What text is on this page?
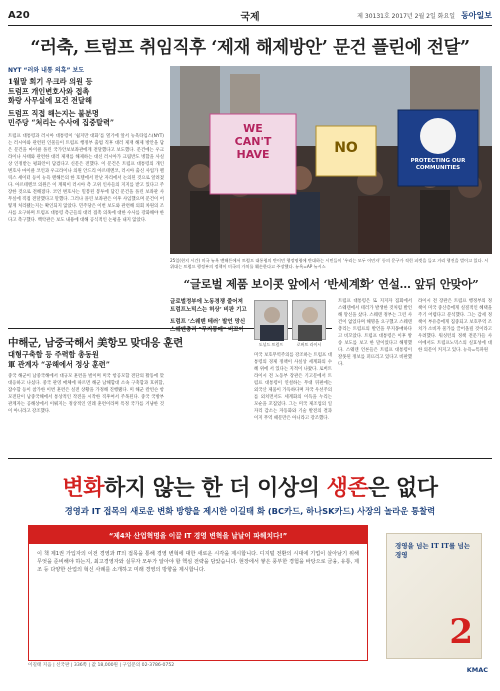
A20	국제	제 30131호 2017년 2월 2일 화요일 동아일보
“러축, 트럼프 취임직후 ‘제재 해제방안’ 문건 플린에 전달”
NYT “러와 내통 의혹” 보도
1월말 회기 우크라 의원 등
트럼프 개인변호사와 접촉
화랑 사무실에 묘건 전달해
트럼프 직접 해는지는 불분명
민주당 “처리는 수사에 집중탈력”
트럼프 대통령과 러시아 대통령이 ‘쉽지만 대화’를 열기에 앞서 뉴욕타임스(NYT)는 러시아와 관련된 인물들이 트럼프 행정부 출범 직후 대러 제재 해제 방안을 담은 문건을 마이클 플린 국가안보보좌관에게 전달했다고 보도했다. 문건에는 우크라이나 사태와 관련한 대러 제재를 해제하는 대신 러시아가 크림반도 병합을 사실상 인정받는 평화안이 담겼다고 신문은 전했다. 이 문건은 트럼프 대통령의 개인 변호사 마이클 코언과 우크라이나 의원 안드리 아르테멘코, 러시아 출신 사업가 펠릭스 세이터 등이 뉴욕 맨해튼의 한 호텔에서 만난 자리에서 논의된 것으로 알려졌다. 아르테멘코 의원은 이 계획이 러시아 측 고위 인사들의 지지를 받고 있다고 주장한 것으로 전해졌다. 코언 변호사는 밀봉된 봉투에 담긴 문건을 플린 보좌관 사무실에 직접 전달했다고 말했다. 그러나 플린 보좌관은 이후 사임했으며 문건이 어떻게 처리됐는지는 확인되지 않았다. 민주당은 이번 보도와 관련해 의회 차원의 조사를 요구하며 트럼프 대통령 측근들의 대러 접촉 의혹에 대한 수사를 강화해야 한다고 촉구했다. 백악관은 보도 내용에 대해 공식적인 논평을 내지 않았다.
中해군, 남중국해서 美항모 맞대응 훈련
대형구축함 등 주력함 총동원
軍 관계자 “공해에서 정상 훈련”
중국 해군이 남중국해에서 대규모 훈련을 벌이며 미국 항공모함 전단의 활동에 맞대응하고 나섰다. 중국 관영 매체에 따르면 해군 남해함대 소속 구축함과 호위함, 잠수함 등이 참가한 이번 훈련은 실전 상황을 가정해 진행됐다. 미 해군 칼빈슨 항모전단이 남중국해에서 통상적인 작전을 시작한 직후여서 주목된다. 중국 국방부 관계자는 공해상에서 이뤄지는 정상적인 연례 훈련이라며 특정 국가를 겨냥한 것이 아니라고 강조했다.
WE
CAN'T
HAVE	NO
PROTECTING OUR COMMUNITIES
25일(현지 시간) 미국 뉴욕 맨해튼에서 트럼프 대통령의 반이민 행정명령에 반대하는 시민들이 ‘우리는 모두 이민자’ 등의 문구가 적힌 피켓을 들고 거리 행진을 벌이고 있다. 시위대는 트럼프 행정부의 정책이 미국의 가치를 훼손한다고 주장했다. 뉴욕=AP 뉴시스
“글로벌 제품 보이콧 앞에서 ‘반세계화’ 연설… 앞뒤 안맞아”
글로벌정부에 노동경쟁 줄어져
트럼프노믹스는 허상’ 비판 기고
트럼프 ‘스웨덴 테러’ 발언 망신
스웨덴총리 “무지몽매” 비꼬아
도널드 트럼프	로버트 라이시
미국 보호무역주의를 강조하는 트럼프 대통령의 경제 정책이 사실상 세계화의 수혜 위에 서 있다는 지적이 나왔다. 로버트 라이시 전 노동부 장관은 기고문에서 트럼프 대통령이 연설하는 무대 뒤편에는 외국산 제품이 가득하다며 자국 우선주의를 외치면서도 세계화의 이득을 누리는 모순을 꼬집었다. 그는 미국 제조업의 일자리 감소는 자동화와 기술 발전의 결과이지 무역 때문만은 아니라고 강조했다.
트럼프 대통령은 또 지지자 집회에서 스웨덴에서 테러가 발생한 것처럼 발언해 망신을 샀다. 스웨덴 정부는 그런 사건이 없었다며 해명을 요구했고 스웨덴 총리는 트럼프의 발언을 무지몽매하다고 비꼬았다. 트럼프 대통령은 이후 방송 보도를 보고 한 말이었다고 해명했다. 스웨덴 언론들은 트럼프 대통령이 잘못된 정보를 퍼뜨리고 있다고 비판했다.
라이시 전 장관은 트럼프 행정부의 정책이 미국 중산층에게 실질적인 혜택을 주기 어렵다고 분석했다. 그는 감세 정책이 부유층에게 집중되고 보호무역 조치가 소비자 물가를 끌어올릴 것이라고 우려했다. 워싱턴의 정책 전문가들 사이에서도 트럼프노믹스의 실효성에 대한 의문이 커지고 있다. 뉴욕=특파원
변화하지 않는 한 더 이상의 생존은 없다
경영과 IT 접목의 새로운 변화 방향을 제시한 이길태 화 (BC카드, 하나SK카드) 사장의 놀라운 통찰력
“제4차 산업혁명을 이끌 IT 경영 변혁을 날날이 파헤치다!”
이 책 제1권 가입자의 이전 경영과 IT의 접목을 통해 경영 변혁에 대한 새로운 시각을 제시합니다. 디지털 전환의 시대에 기업이 살아남기 위해 무엇을 준비해야 하는지, 최고경영자와 실무자 모두가 알아야 할 핵심 전략을 담았습니다. 현장에서 쌓은 풍부한 경험을 바탕으로 금융, 유통, 제조 등 다양한 산업의 혁신 사례를 소개하고 미래 경영의 방향을 제시합니다.
경영을 넘는 IT IT를 넘는 경영
2
이길태 지음 | 신국판 | 336쪽 | 값 18,000원 | 구입문의 02-3786-0752
KMAC
